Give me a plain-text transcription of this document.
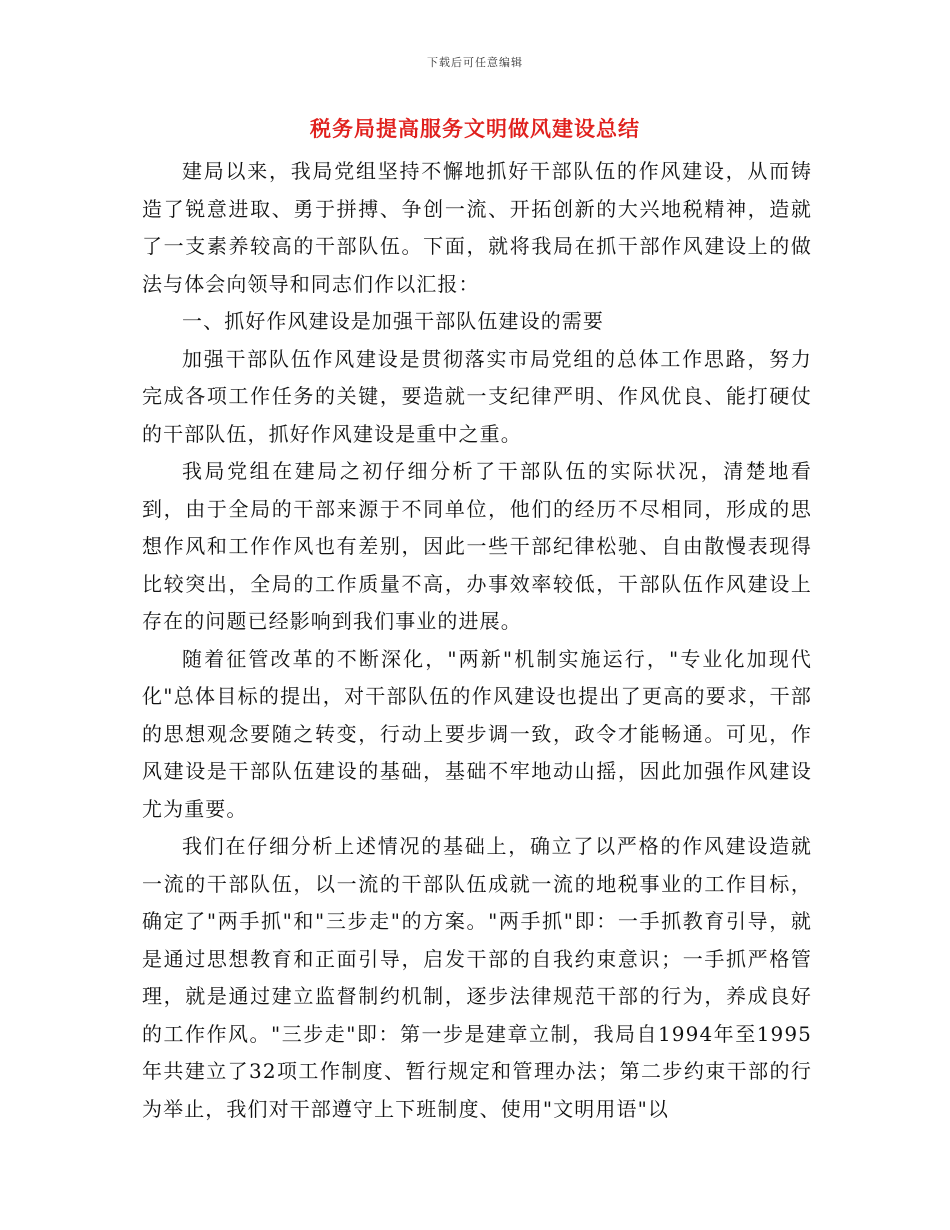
下载后可任意编辑
税务局提高服务文明做风建设总结

建局以来，我局党组坚持不懈地抓好干部队伍的作风建设，从而铸造了锐意进取、勇于拼搏、争创一流、开拓创新的大兴地税精神，造就了一支素养较高的干部队伍。下面，就将我局在抓干部作风建设上的做法与体会向领导和同志们作以汇报：

一、抓好作风建设是加强干部队伍建设的需要

加强干部队伍作风建设是贯彻落实市局党组的总体工作思路，努力完成各项工作任务的关键，要造就一支纪律严明、作风优良、能打硬仗的干部队伍，抓好作风建设是重中之重。

我局党组在建局之初仔细分析了干部队伍的实际状况，清楚地看到，由于全局的干部来源于不同单位，他们的经历不尽相同，形成的思想作风和工作作风也有差别，因此一些干部纪律松驰、自由散慢表现得比较突出，全局的工作质量不高，办事效率较低，干部队伍作风建设上存在的问题已经影响到我们事业的进展。

随着征管改革的不断深化，"两新"机制实施运行，"专业化加现代化"总体目标的提出，对干部队伍的作风建设也提出了更高的要求，干部的思想观念要随之转变，行动上要步调一致，政令才能畅通。可见，作风建设是干部队伍建设的基础，基础不牢地动山摇，因此加强作风建设尤为重要。

我们在仔细分析上述情况的基础上，确立了以严格的作风建设造就一流的干部队伍，以一流的干部队伍成就一流的地税事业的工作目标，确定了"两手抓"和"三步走"的方案。"两手抓"即：一手抓教育引导，就是通过思想教育和正面引导，启发干部的自我约束意识；一手抓严格管理，就是通过建立监督制约机制，逐步法律规范干部的行为，养成良好的工作作风。"三步走"即：第一步是建章立制，我局自1994年至1995年共建立了32项工作制度、暂行规定和管理办法；第二步约束干部的行为举止，我们对干部遵守上下班制度、使用"文明用语"以
